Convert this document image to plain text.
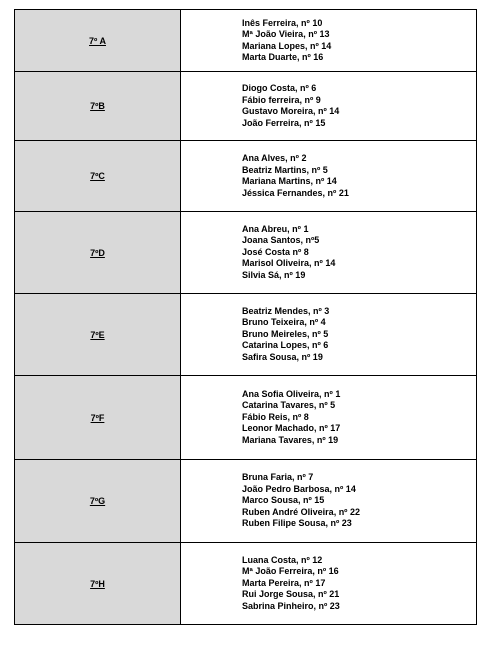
7º A	Inês Ferreira, nº 10
Mª João Vieira, nº 13
Mariana Lopes, nº 14
Marta Duarte, nº 16

7ºB	Diogo Costa, nº 6
Fábio ferreira, nº 9
Gustavo Moreira, nº 14
João Ferreira, nº 15

7ºC	Ana Alves, nº 2
Beatriz Martins, nº 5
Mariana Martins, nº 14
Jéssica Fernandes, nº 21

7ºD	Ana Abreu, nº 1
Joana Santos, nº5
José Costa nº 8
Marisol Oliveira, nº 14
Silvia Sá, nº 19

7ºE	Beatriz Mendes, nº 3
Bruno Teixeira, nº 4
Bruno Meireles, nº 5
Catarina Lopes, nº 6
Safira Sousa, nº 19

7ºF	Ana Sofia Oliveira, nº 1
Catarina Tavares, nº 5
Fábio Reis, nº 8
Leonor Machado, nº 17
Mariana Tavares, nº 19

7ºG	Bruna Faria, nº 7
João Pedro Barbosa, nº 14
Marco Sousa, nº 15
Ruben André Oliveira, nº 22
Ruben Filipe Sousa, nº 23

7ºH	Luana Costa, nº 12
Mª João Ferreira, nº 16
Marta Pereira, nº 17
Rui Jorge Sousa, nº 21
Sabrina Pinheiro, nº 23
